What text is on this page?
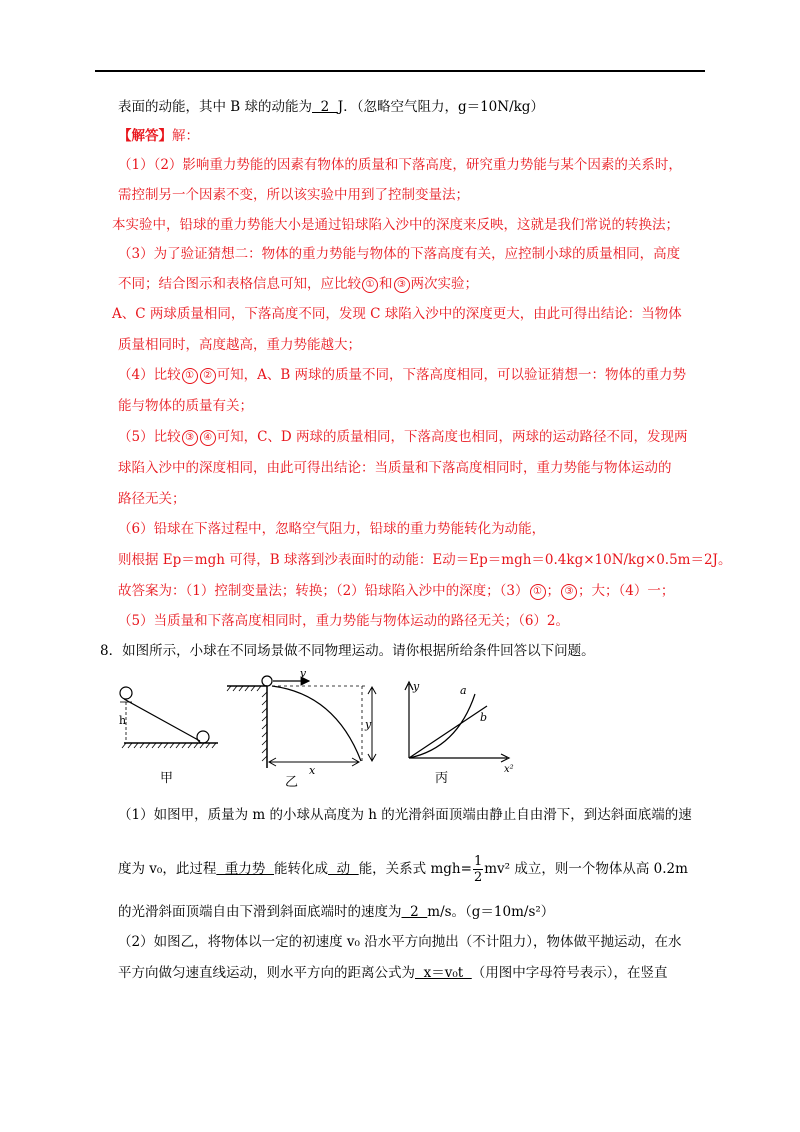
表面的动能，其中 B 球的动能为  2  J．（忽略空气阻力，g＝10N/kg）
【解答】解：
（1）（2）影响重力势能的因素有物体的质量和下落高度，研究重力势能与某个因素的关系时，
需控制另一个因素不变，所以该实验中用到了控制变量法；
本实验中，铅球的重力势能大小是通过铅球陷入沙中的深度来反映，这就是我们常说的转换法；
（3）为了验证猜想二：物体的重力势能与物体的下落高度有关，应控制小球的质量相同，高度
不同；结合图示和表格信息可知，应比较 ① 和 ③ 两次实验；
A、C 两球质量相同，下落高度不同，发现 C 球陷入沙中的深度更大，由此可得出结论：当物体
质量相同时，高度越高，重力势能越大；
（4）比较 ① ② 可知，A、B 两球的质量不同，下落高度相同，可以验证猜想一：物体的重力势
能与物体的质量有关；
（5）比较 ③ ④ 可知，C、D 两球的质量相同，下落高度也相同，两球的运动路径不同，发现两
球陷入沙中的深度相同，由此可得出结论：当质量和下落高度相同时，重力势能与物体运动的
路径无关；
（6）铅球在下落过程中，忽略空气阻力，铅球的重力势能转化为动能，
则根据 Ep＝mgh 可得，B 球落到沙表面时的动能：E动＝Ep＝mgh＝0.4kg×10N/kg×0.5m＝2J。
故答案为：（1）控制变量法；转换；（2）铅球陷入沙中的深度；（3） ① ； ③ ；大；（4）一；
（5）当质量和下落高度相同时，重力势能与物体运动的路径无关；（6）2。
8．如图所示，小球在不同场景做不同物理运动。请你根据所给条件回答以下问题。
h
甲
v
y
x
乙
y
x²
a
b
丙
（1）如图甲，质量为 m 的小球从高度为 h 的光滑斜面顶端由静止自由滑下，到达斜面底端的速
度为 v₀，此过程  重力势  能转化成  动  能，关系式 $mgh= \frac{1}{2} mv^2$ 成立，则一个物体从高 0.2m
的光滑斜面顶端自由下滑到斜面底端时的速度为  2  m/s。（g＝10m/s²）
（2）如图乙，将物体以一定的初速度 v₀ 沿水平方向抛出（不计阻力），物体做平抛运动，在水
平方向做匀速直线运动，则水平方向的距离公式为  x＝v₀t  （用图中字母符号表示），在竖直
